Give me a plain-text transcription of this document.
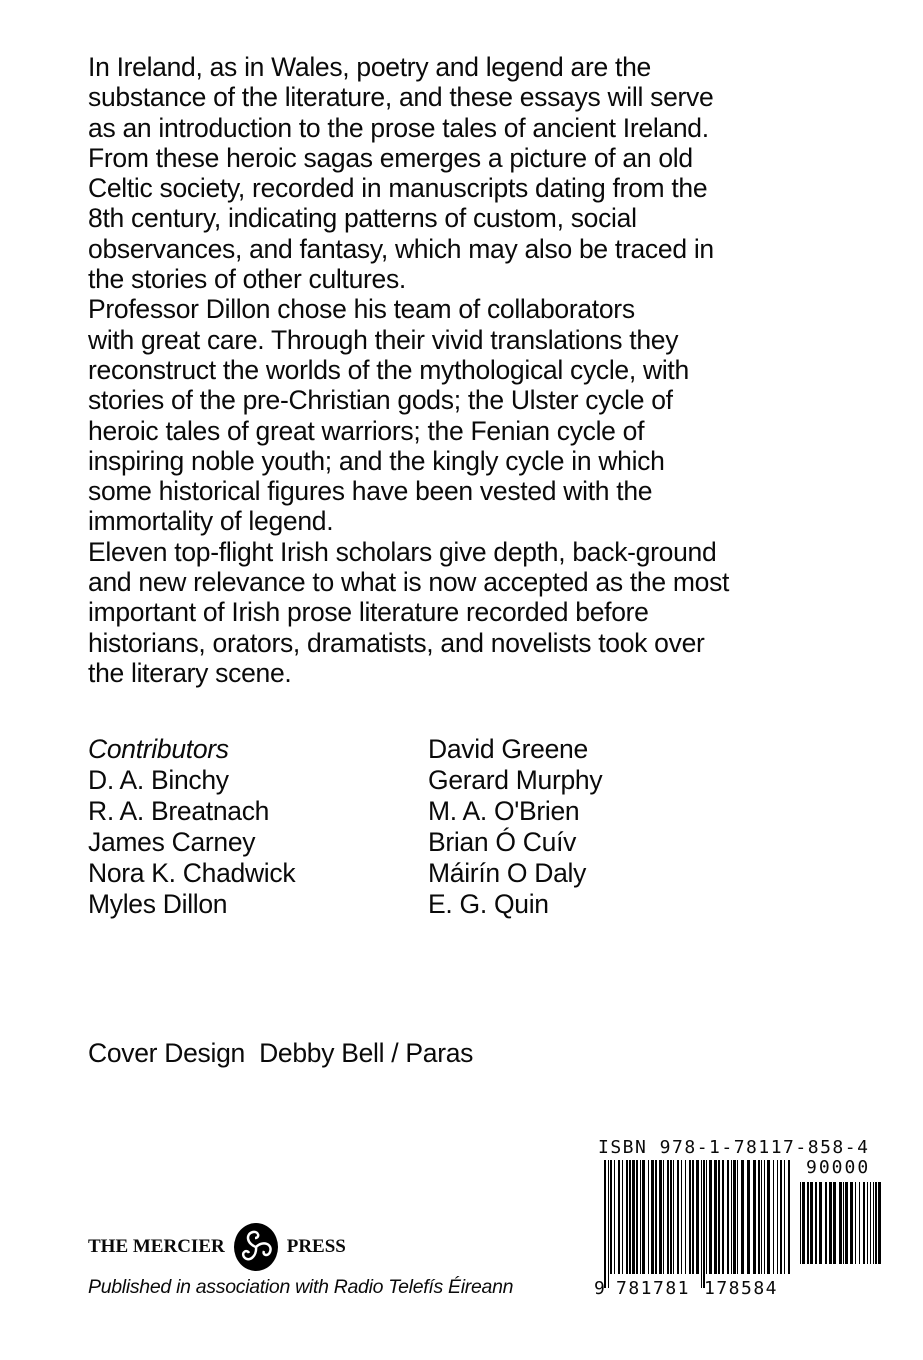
In Ireland, as in Wales, poetry and legend are the
substance of the literature, and these essays will serve
as an introduction to the prose tales of ancient Ireland.
From these heroic sagas emerges a picture of an old
Celtic society, recorded in manuscripts dating from the
8th century, indicating patterns of custom, social
observances, and fantasy, which may also be traced in
the stories of other cultures.
Professor Dillon chose his team of collaborators
with great care. Through their vivid translations they
reconstruct the worlds of the mythological cycle, with
stories of the pre-Christian gods; the Ulster cycle of
heroic tales of great warriors; the Fenian cycle of
inspiring noble youth; and the kingly cycle in which
some historical figures have been vested with the
immortality of legend.
Eleven top-flight Irish scholars give depth, back-ground
and new relevance to what is now accepted as the most
important of Irish prose literature recorded before
historians, orators, dramatists, and novelists took over
the literary scene.
Contributors
D. A. Binchy
R. A. Breatnach
James Carney
Nora K. Chadwick
Myles Dillon
David Greene
Gerard Murphy
M. A. O'Brien
Brian Ó Cuív
Máirín O Daly
E. G. Quin
Cover Design  Debby Bell / Paras
ISBN 978-1-78117-858-4
90000
9 781781 178584
THE MERCIER	PRESS
Published in association with Radio Telefís Éireann
